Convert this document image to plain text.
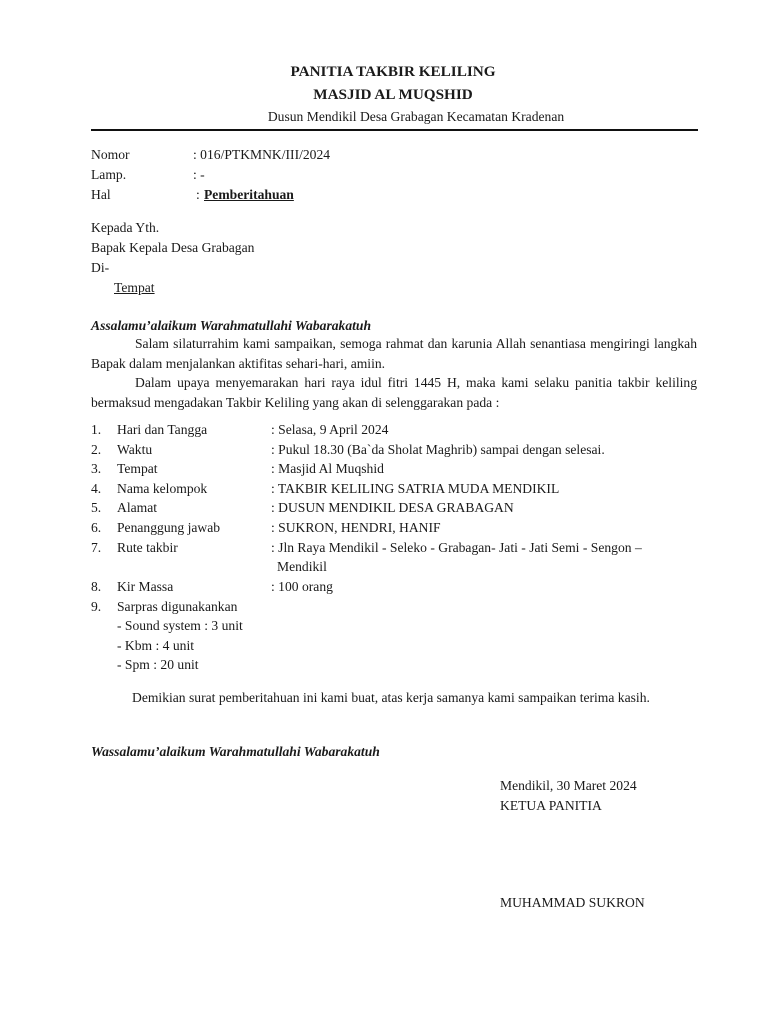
PANITIA TAKBIR KELILING
MASJID AL MUQSHID
Dusun Mendikil Desa Grabagan Kecamatan Kradenan
Nomor	: 016/PTKMNK/III/2024
Lamp.	: -
Hal	: Pemberitahuan
Kepada Yth.
Bapak Kepala Desa Grabagan
Di-
Tempat
Assalamu’alaikum Warahmatullahi Wabarakatuh
Salam silaturrahim kami sampaikan, semoga rahmat dan karunia Allah senantiasa mengiringi langkah Bapak dalam menjalankan aktifitas sehari-hari, amiin.
Dalam upaya menyemarakan hari raya idul fitri 1445 H, maka kami selaku panitia takbir keliling bermaksud mengadakan Takbir Keliling yang akan di selenggarakan pada :
1. Hari dan Tangga	: Selasa, 9 April 2024
2. Waktu	: Pukul 18.30 (Ba`da Sholat Maghrib) sampai dengan selesai.
3. Tempat	: Masjid Al Muqshid
4. Nama kelompok	: TAKBIR KELILING SATRIA MUDA MENDIKIL
5. Alamat	: DUSUN MENDIKIL DESA GRABAGAN
6. Penanggung jawab	: SUKRON, HENDRI, HANIF
7. Rute takbir	: Jln Raya Mendikil - Seleko - Grabagan- Jati - Jati Semi - Sengon –
Mendikil
8. Kir Massa	: 100 orang
9. Sarpras digunakankan
- Sound system : 3 unit
- Kbm : 4 unit
- Spm : 20 unit
Demikian surat pemberitahuan ini kami buat, atas kerja samanya kami sampaikan terima kasih.
Wassalamu’alaikum Warahmatullahi Wabarakatuh
Mendikil, 30 Maret 2024
KETUA PANITIA
MUHAMMAD SUKRON
